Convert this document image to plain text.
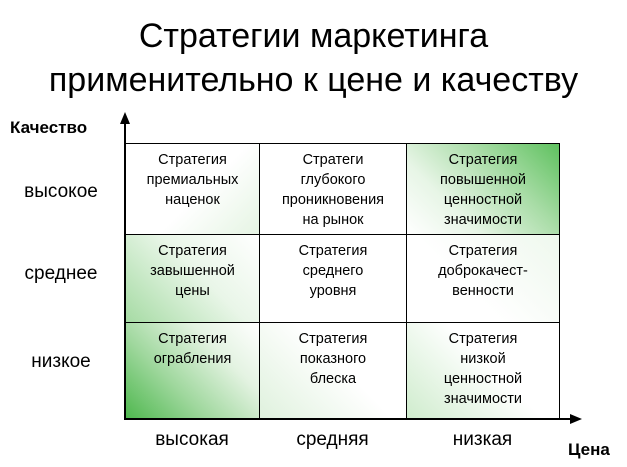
Стратегии маркетинга
применительно к цене и качеству
Качество
Цена
высокое
среднее
низкое
высокая	средняя	низкая
Стратегия
премиальных
наценок
Стратеги
глубокого
проникновения
на рынок
Стратегия
повышенной
ценностной
значимости
Стратегия
завышенной
цены
Стратегия
среднего
уровня
Стратегия
доброкачест-
венности
Стратегия
ограбления
Стратегия
показного
блеска
Стратегия
низкой
ценностной
значимости
